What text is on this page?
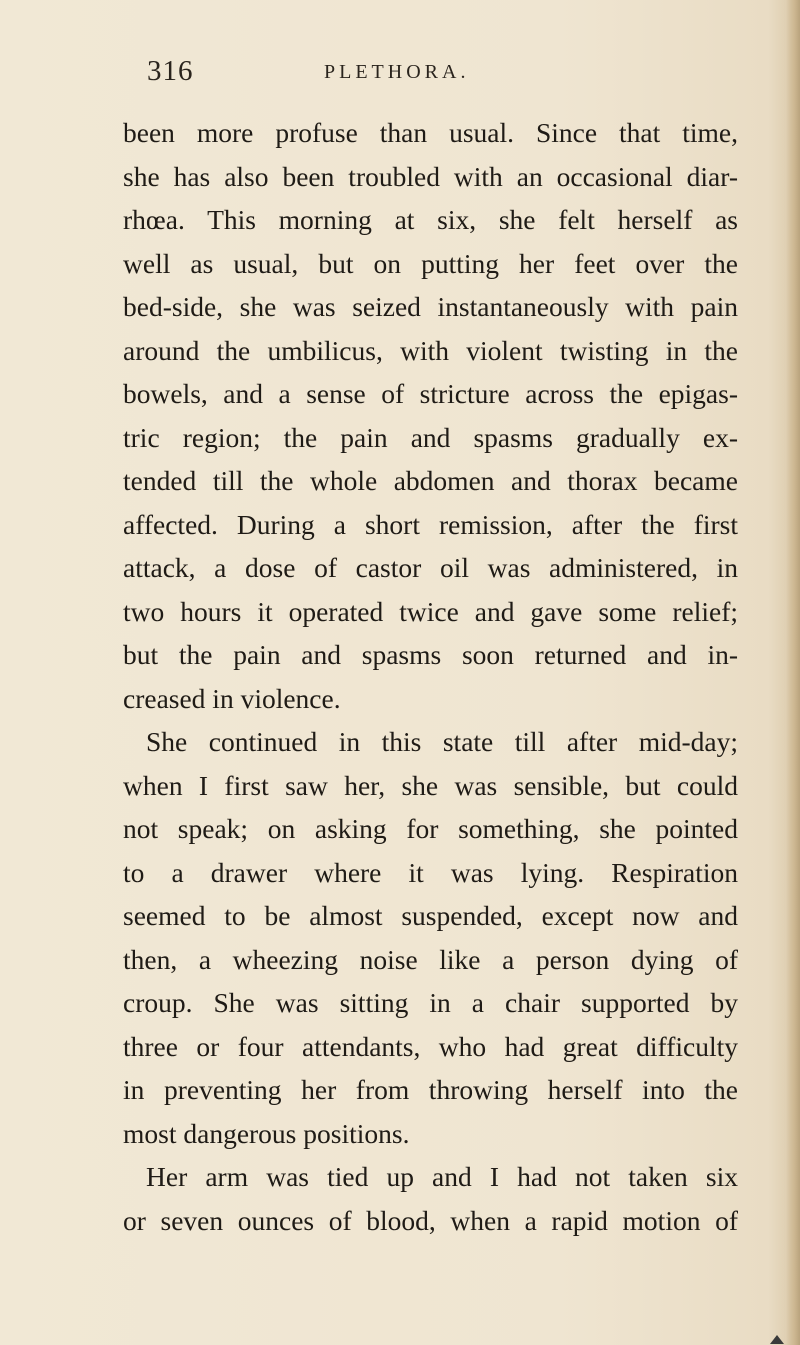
316	PLETHORA.
been more profuse than usual. Since that time,
she has also been troubled with an occasional diar-
rhœa. This morning at six, she felt herself as
well as usual, but on putting her feet over the
bed-side, she was seized instantaneously with pain
around the umbilicus, with violent twisting in the
bowels, and a sense of stricture across the epigas-
tric region; the pain and spasms gradually ex-
tended till the whole abdomen and thorax became
affected. During a short remission, after the first
attack, a dose of castor oil was administered, in
two hours it operated twice and gave some relief;
but the pain and spasms soon returned and in-
creased in violence.
She continued in this state till after mid-day;
when I first saw her, she was sensible, but could
not speak; on asking for something, she pointed
to a drawer where it was lying. Respiration
seemed to be almost suspended, except now and
then, a wheezing noise like a person dying of
croup. She was sitting in a chair supported by
three or four attendants, who had great difficulty
in preventing her from throwing herself into the
most dangerous positions.
Her arm was tied up and I had not taken six
or seven ounces of blood, when a rapid motion of
